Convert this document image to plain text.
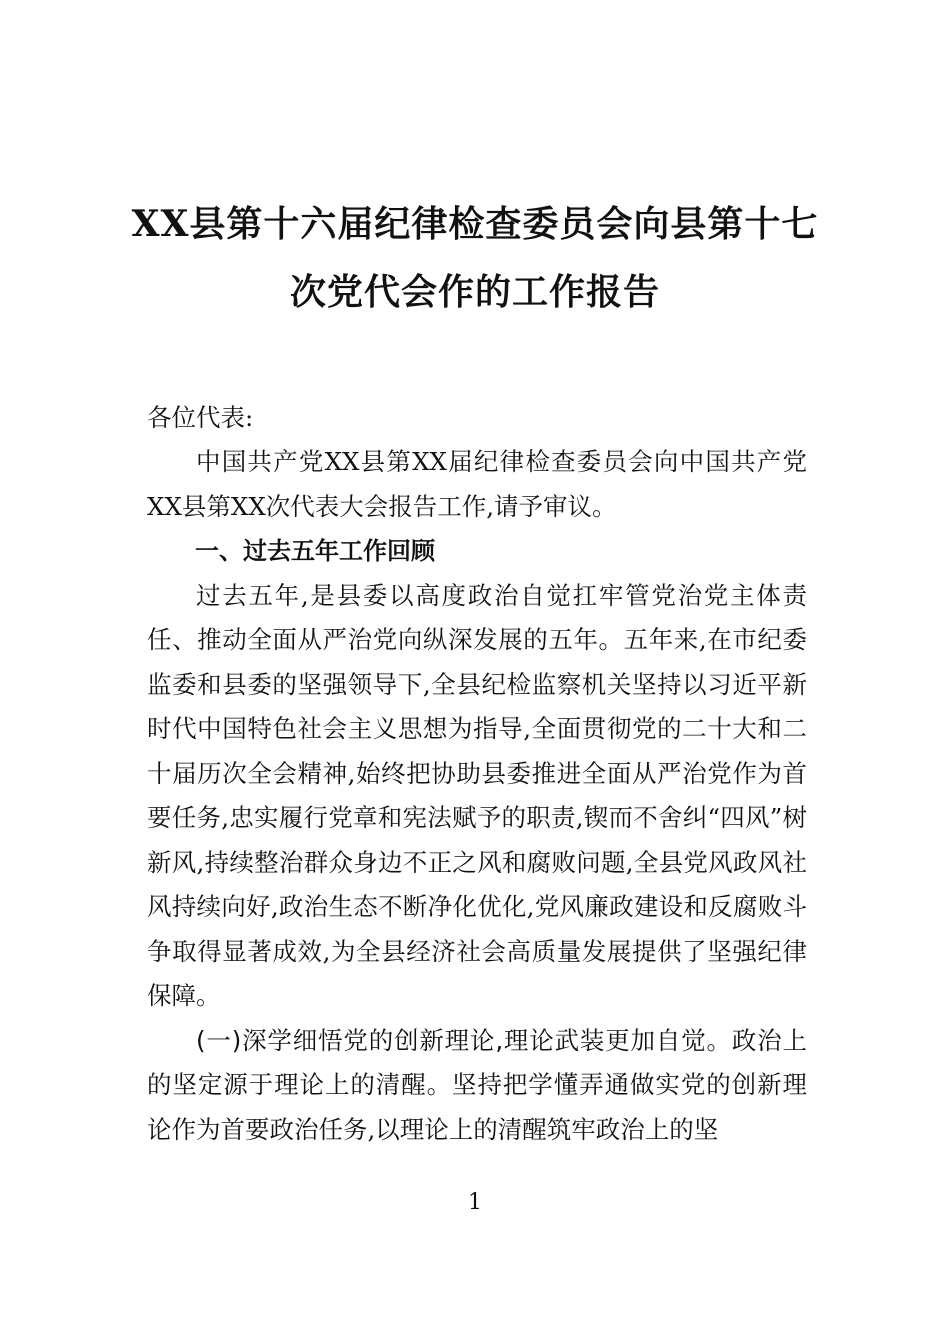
XX县第十六届纪律检查委员会向县第十七
次党代会作的工作报告
各位代表:

中国共产党XX县第XX届纪律检查委员会向中国共产党XX县第XX次代表大会报告工作,请予审议。

一、过去五年工作回顾

过去五年,是县委以高度政治自觉扛牢管党治党主体责任、推动全面从严治党向纵深发展的五年。五年来,在市纪委监委和县委的坚强领导下,全县纪检监察机关坚持以习近平新时代中国特色社会主义思想为指导,全面贯彻党的二十大和二十届历次全会精神,始终把协助县委推进全面从严治党作为首要任务,忠实履行党章和宪法赋予的职责,锲而不舍纠“四风”树新风,持续整治群众身边不正之风和腐败问题,全县党风政风社风持续向好,政治生态不断净化优化,党风廉政建设和反腐败斗争取得显著成效,为全县经济社会高质量发展提供了坚强纪律保障。

(一)深学细悟党的创新理论,理论武装更加自觉。政治上的坚定源于理论上的清醒。坚持把学懂弄通做实党的创新理论作为首要政治任务,以理论上的清醒筑牢政治上的坚

1
